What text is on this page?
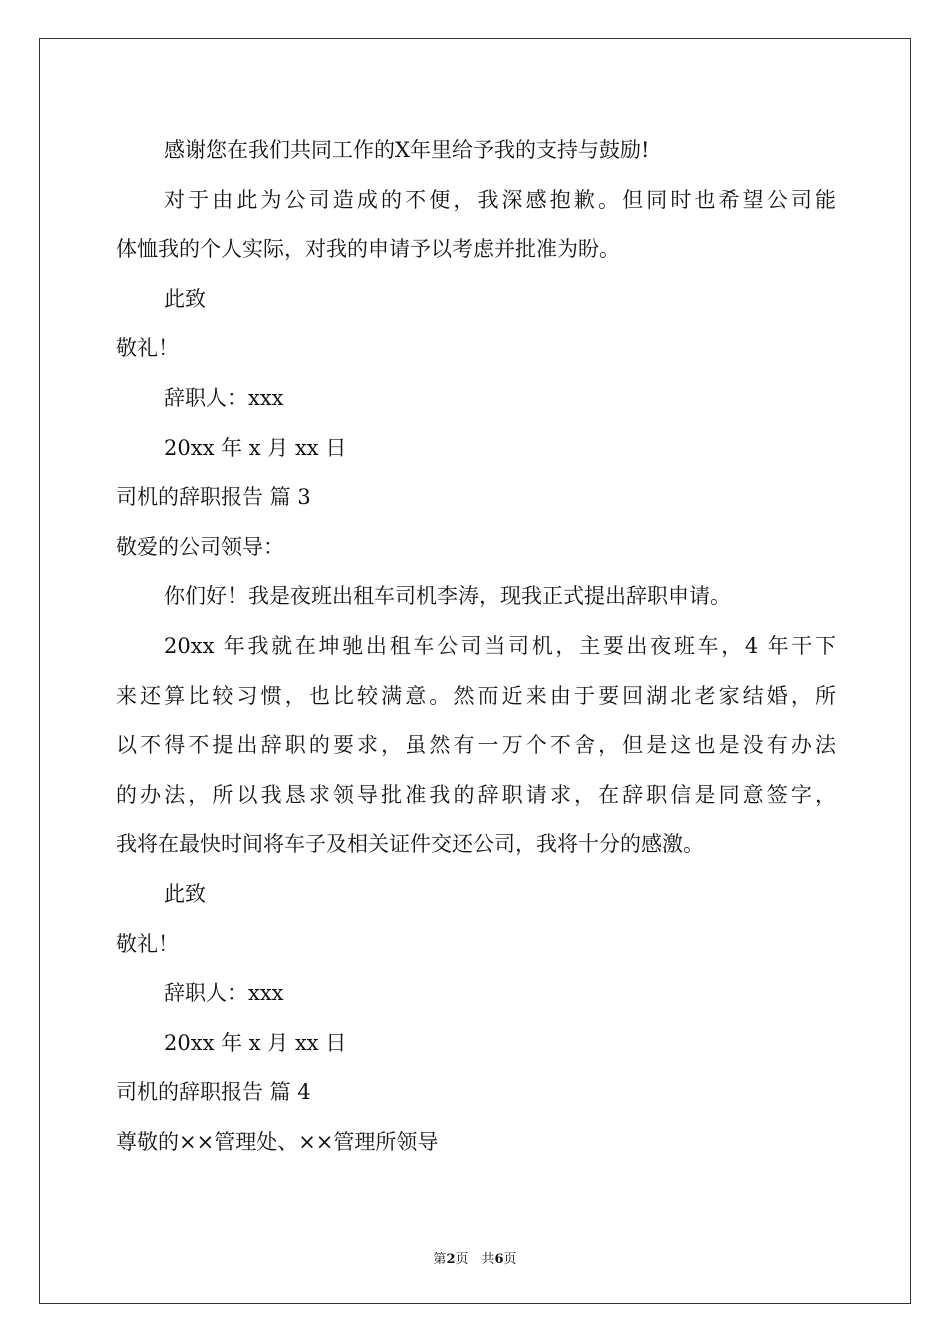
感谢您在我们共同工作的X年里给予我的支持与鼓励!
对于由此为公司造成的不便，我深感抱歉。但同时也希望公司能
体恤我的个人实际，对我的申请予以考虑并批准为盼。
此致
敬礼！
辞职人：xxx
20xx 年 x 月 xx 日
司机的辞职报告 篇 3
敬爱的公司领导：
你们好！我是夜班出租车司机李涛，现我正式提出辞职申请。
20xx 年我就在坤驰出租车公司当司机，主要出夜班车，4 年干下
来还算比较习惯，也比较满意。然而近来由于要回湖北老家结婚，所
以不得不提出辞职的要求，虽然有一万个不舍，但是这也是没有办法
的办法，所以我恳求领导批准我的辞职请求，在辞职信是同意签字，
我将在最快时间将车子及相关证件交还公司，我将十分的感激。
此致
敬礼！
辞职人：xxx
20xx 年 x 月 xx 日
司机的辞职报告 篇 4
尊敬的××管理处、××管理所领导
第2页　共6页
